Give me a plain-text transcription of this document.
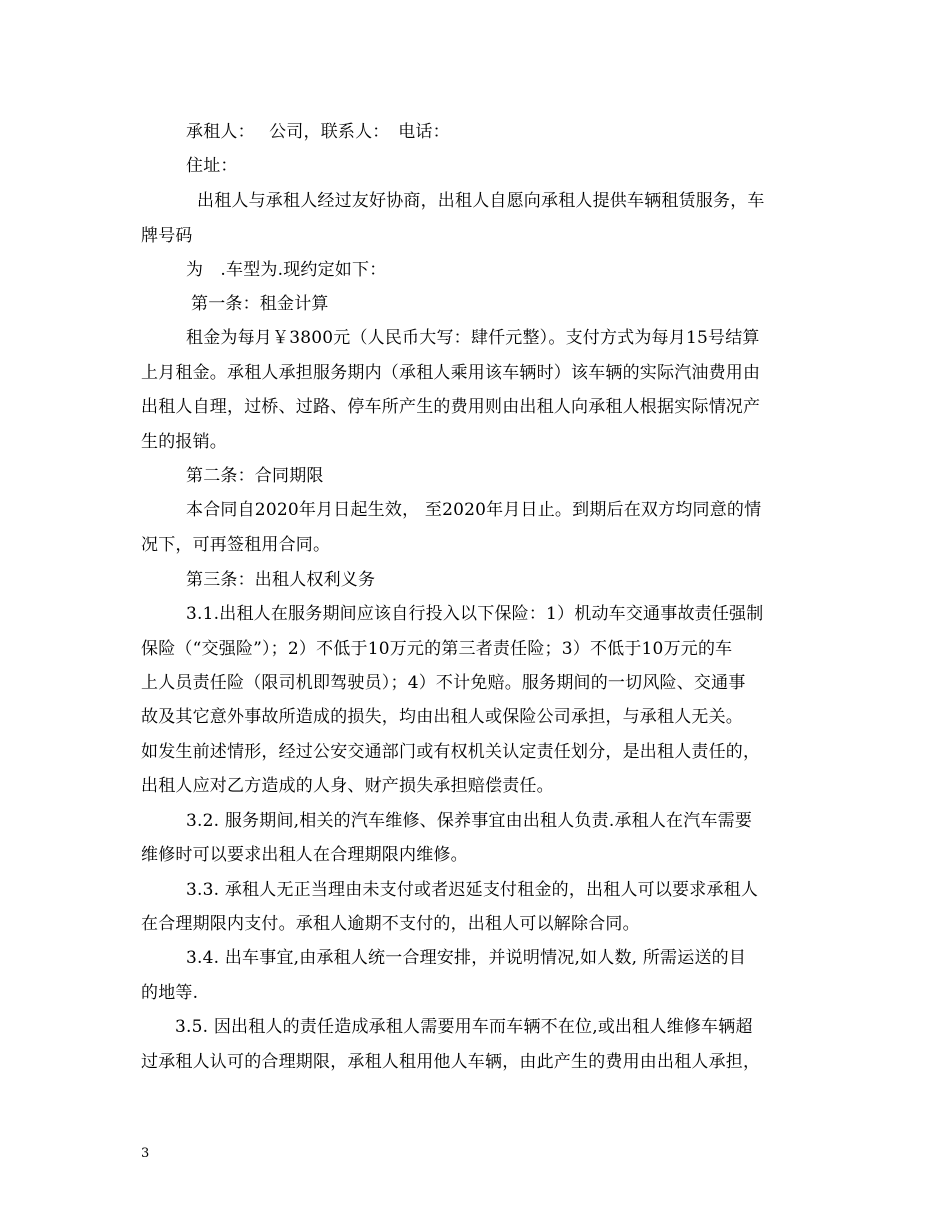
承租人：　 公司，联系人：　电话：
住址：
出租人与承租人经过友好协商，出租人自愿向承租人提供车辆租赁服务，车
牌号码
为　.车型为.现约定如下：
第一条：租金计算
租金为每月￥3800元（人民币大写：肆仟元整）。支付方式为每月15号结算
上月租金。承租人承担服务期内（承租人乘用该车辆时）该车辆的实际汽油费用由
出租人自理，过桥、过路、停车所产生的费用则由出租人向承租人根据实际情况产
生的报销。
第二条：合同期限
本合同自2020年月日起生效， 至2020年月日止。到期后在双方均同意的情
况下，可再签租用合同。
第三条：出租人权利义务
3.1.出租人在服务期间应该自行投入以下保险：1）机动车交通事故责任强制
保险（“交强险”）；2）不低于10万元的第三者责任险；3）不低于10万元的车
上人员责任险（限司机即驾驶员）；4）不计免赔。服务期间的一切风险、交通事
故及其它意外事故所造成的损失，均由出租人或保险公司承担，与承租人无关。
如发生前述情形，经过公安交通部门或有权机关认定责任划分，是出租人责任的，
出租人应对乙方造成的人身、财产损失承担赔偿责任。
3.2. 服务期间,相关的汽车维修、保养事宜由出租人负责.承租人在汽车需要
维修时可以要求出租人在合理期限内维修。
3.3. 承租人无正当理由未支付或者迟延支付租金的，出租人可以要求承租人
在合理期限内支付。承租人逾期不支付的，出租人可以解除合同。
3.4. 出车事宜,由承租人统一合理安排，并说明情况,如人数, 所需运送的目
的地等.
3.5. 因出租人的责任造成承租人需要用车而车辆不在位,或出租人维修车辆超
过承租人认可的合理期限，承租人租用他人车辆，由此产生的费用由出租人承担，
3
